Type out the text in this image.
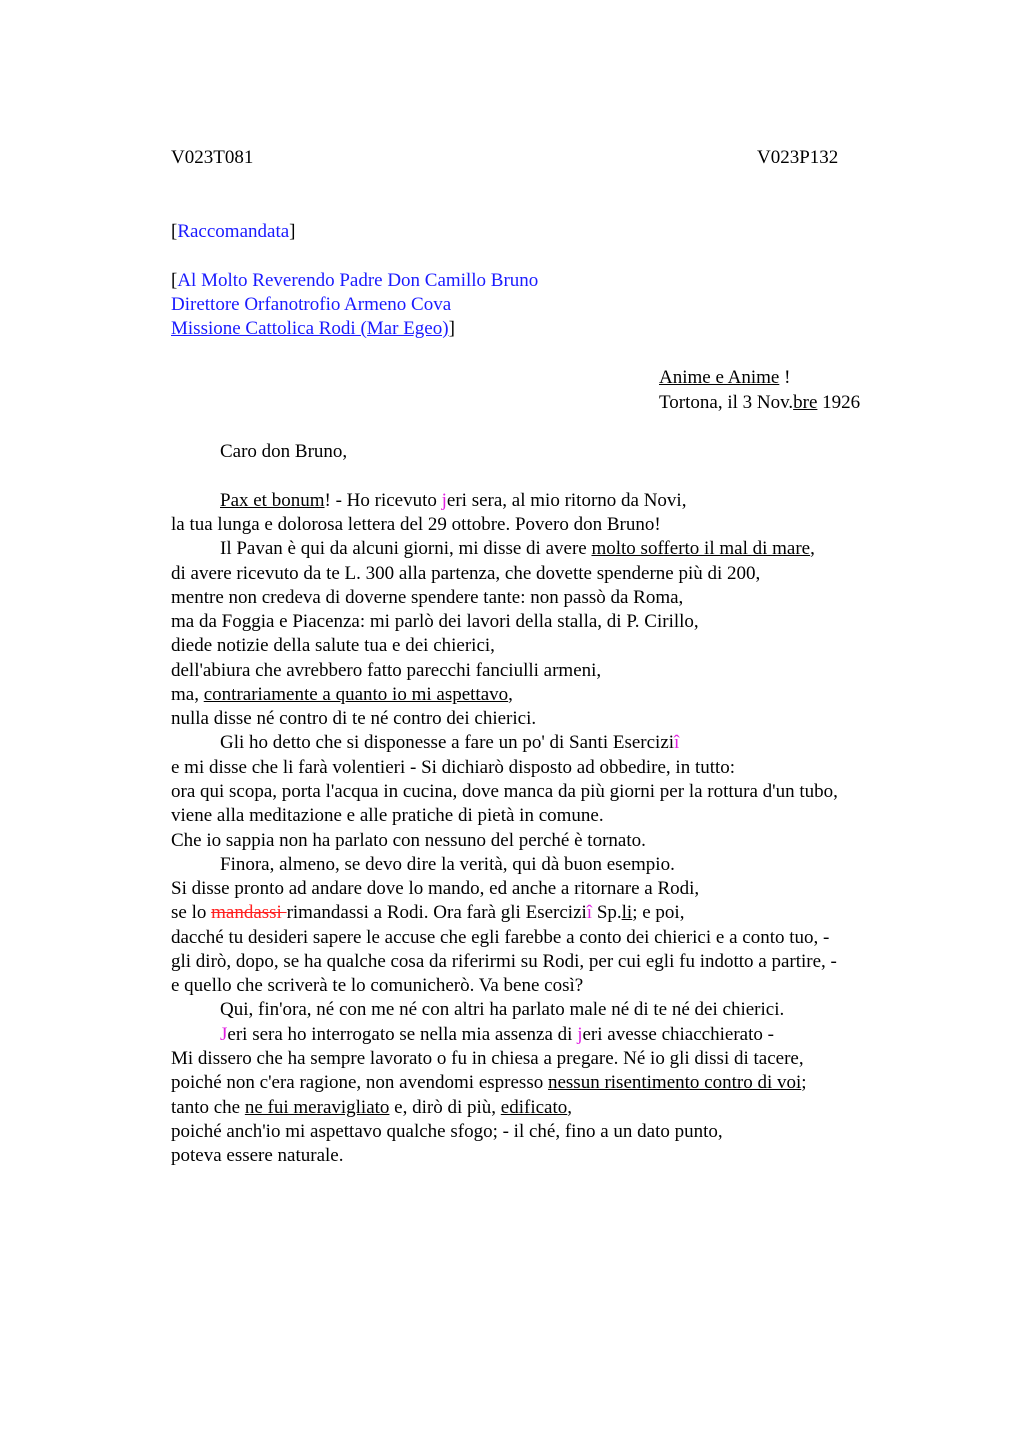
V023T081	V023P132
[Raccomandata]
[Al Molto Reverendo Padre Don Camillo Bruno
Direttore Orfanotrofio Armeno Cova
Missione Cattolica Rodi (Mar Egeo)]
Anime e Anime !
Tortona, il 3 Nov.bre 1926
Caro don Bruno,
Pax et bonum! - Ho ricevuto jeri sera, al mio ritorno da Novi,
la tua lunga e dolorosa lettera del 29 ottobre. Povero don Bruno!
Il Pavan è qui da alcuni giorni, mi disse di avere molto sofferto il mal di mare,
di avere ricevuto da te L. 300 alla partenza, che dovette spenderne più di 200,
mentre non credeva di doverne spendere tante: non passò da Roma,
ma da Foggia e Piacenza: mi parlò dei lavori della stalla, di P. Cirillo,
diede notizie della salute tua e dei chierici,
dell'abiura che avrebbero fatto parecchi fanciulli armeni,
ma, contrariamente a quanto io mi aspettavo,
nulla disse né contro di te né contro dei chierici.
Gli ho detto che si disponesse a fare un po' di Santi Eserciziî
e mi disse che li farà volentieri - Si dichiarò disposto ad obbedire, in tutto:
ora qui scopa, porta l'acqua in cucina, dove manca da più giorni per la rottura d'un tubo,
viene alla meditazione e alle pratiche di pietà in comune.
Che io sappia non ha parlato con nessuno del perché è tornato.
Finora, almeno, se devo dire la verità, qui dà buon esempio.
Si disse pronto ad andare dove lo mando, ed anche a ritornare a Rodi,
se lo mandassi rimandassi a Rodi. Ora farà gli Eserciziî Sp.li; e poi,
dacché tu desideri sapere le accuse che egli farebbe a conto dei chierici e a conto tuo, -
gli dirò, dopo, se ha qualche cosa da riferirmi su Rodi, per cui egli fu indotto a partire, -
e quello che scriverà te lo comunicherò. Va bene così?
Qui, fin'ora, né con me né con altri ha parlato male né di te né dei chierici.
Jeri sera ho interrogato se nella mia assenza di jeri avesse chiacchierato -
Mi dissero che ha sempre lavorato o fu in chiesa a pregare. Né io gli dissi di tacere,
poiché non c'era ragione, non avendomi espresso nessun risentimento contro di voi;
tanto che ne fui meravigliato e, dirò di più, edificato,
poiché anch'io mi aspettavo qualche sfogo; - il ché, fino a un dato punto,
poteva essere naturale.
